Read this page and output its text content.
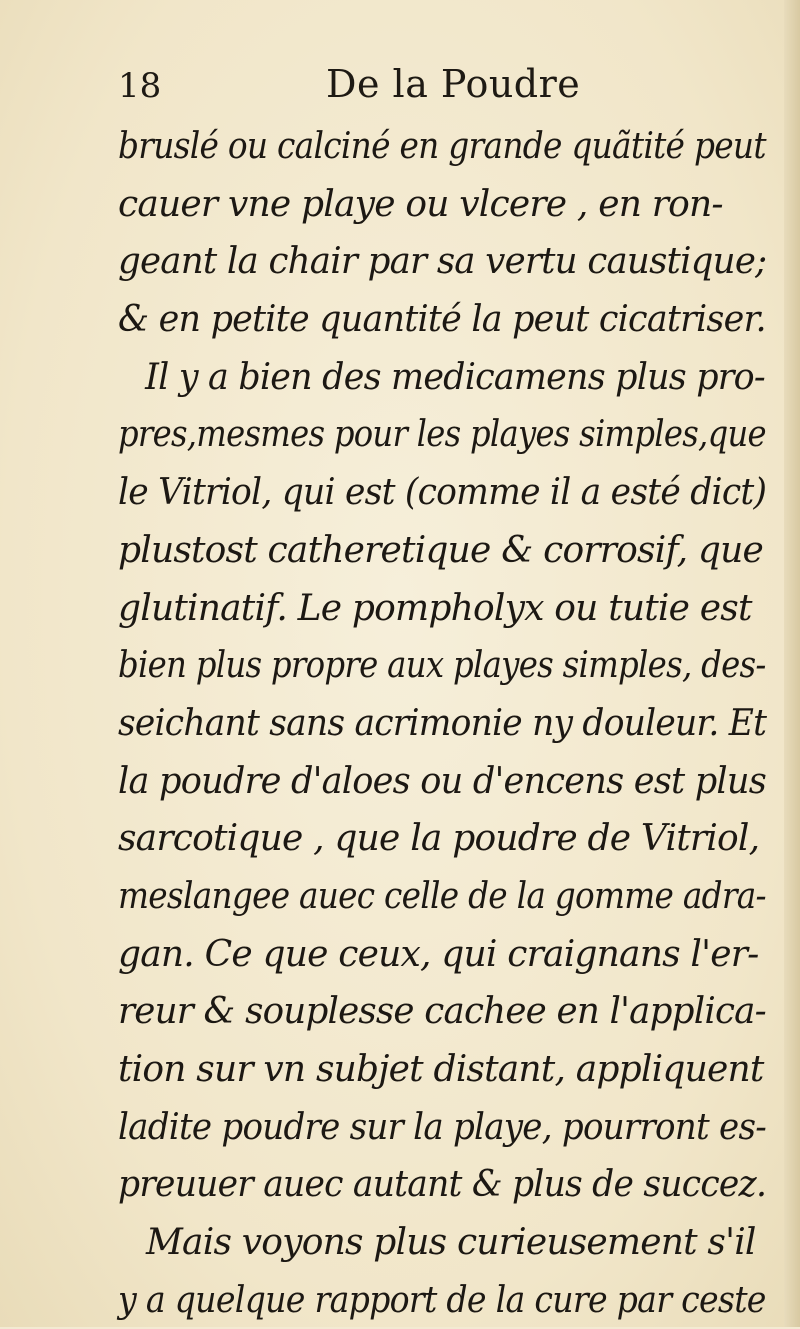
18	De la Poudre
bruslé ou calciné en grande quãtité peut
cauer vne playe ou vlcere , en ron-
geant la chair par sa vertu caustique;
& en petite quantité la peut cicatriser.
Il y a bien des medicamens plus pro-
pres,mesmes pour les playes simples,que
le Vitriol, qui est (comme il a esté dict)
plustost catheretique & corrosif, que
glutinatif. Le pompholyx ou tutie est
bien plus propre aux playes simples, des-
seichant sans acrimonie ny douleur. Et
la poudre d'aloes ou d'encens est plus
sarcotique , que la poudre de Vitriol,
meslangee auec celle de la gomme adra-
gan. Ce que ceux, qui craignans l'er-
reur & souplesse cachee en l'applica-
tion sur vn subjet distant, appliquent
ladite poudre sur la playe, pourront es-
preuuer auec autant & plus de succez.
Mais voyons plus curieusement s'il
y a quelque rapport de la cure par ceste
